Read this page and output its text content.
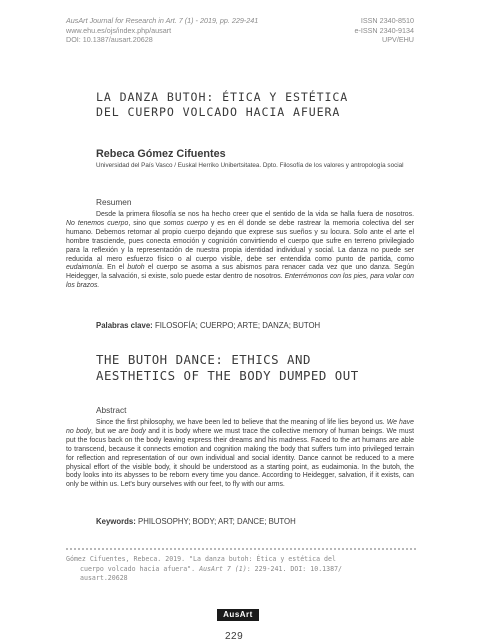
AusArt Journal for Research in Art. 7 (1) - 2019, pp. 229-241
www.ehu.es/ojs/index.php/ausart
DOI: 10.1387/ausart.20628
ISSN 2340-8510
e-ISSN 2340-9134
UPV/EHU
LA DANZA BUTOH: ÉTICA Y ESTÉTICA
DEL CUERPO VOLCADO HACIA AFUERA
Rebeca Gómez Cifuentes
Universidad del País Vasco / Euskal Herriko Unibertsitatea. Dpto. Filosofía de los valores y antropología social
Resumen

Desde la primera filosofía se nos ha hecho creer que el sentido de la vida se halla fuera de nosotros. No tenemos cuerpo, sino que somos cuerpo y es en él donde se debe rastrear la memoria colectiva del ser humano. Debemos retornar al propio cuerpo dejando que exprese sus sueños y su locura. Solo ante el arte el hombre trasciende, pues conecta emoción y cognición convirtiendo el cuerpo que sufre en terreno privilegiado para la reflexión y la representación de nuestra propia identidad individual y social. La danza no puede ser reducida al mero esfuerzo físico o al cuerpo visible, debe ser entendida como punto de partida, como eudaimonía. En el butoh el cuerpo se asoma a sus abismos para renacer cada vez que uno danza. Según Heidegger, la salvación, si existe, solo puede estar dentro de nosotros. Enterrémonos con los pies, para volar con los brazos.

Palabras clave: FILOSOFÍA; CUERPO; ARTE; DANZA; BUTOH
THE BUTOH DANCE: ETHICS AND
AESTHETICS OF THE BODY DUMPED OUT
Abstract

Since the first philosophy, we have been led to believe that the meaning of life lies beyond us. We have no body, but we are body and it is body where we must trace the collective memory of human beings. We must put the focus back on the body leaving express their dreams and his madness. Faced to the art humans are able to transcend, because it connects emotion and cognition making the body that suffers turn into privileged terrain for reflection and representation of our own individual and social identity. Dance cannot be reduced to a mere physical effort of the visible body, it should be understood as a starting point, as eudaimonia. In the butoh, the body looks into its abysses to be reborn every time you dance. According to Heidegger, salvation, if it exists, can only be within us. Let's bury ourselves with our feet, to fly with our arms.

Keywords: PHILOSOPHY; BODY; ART; DANCE; BUTOH
Gómez Cifuentes, Rebeca. 2019. "La danza butoh: Ética y estética del
cuerpo volcado hacia afuera". AusArt 7 (1): 229-241. DOI: 10.1387/
ausart.20628
AusArt
229
